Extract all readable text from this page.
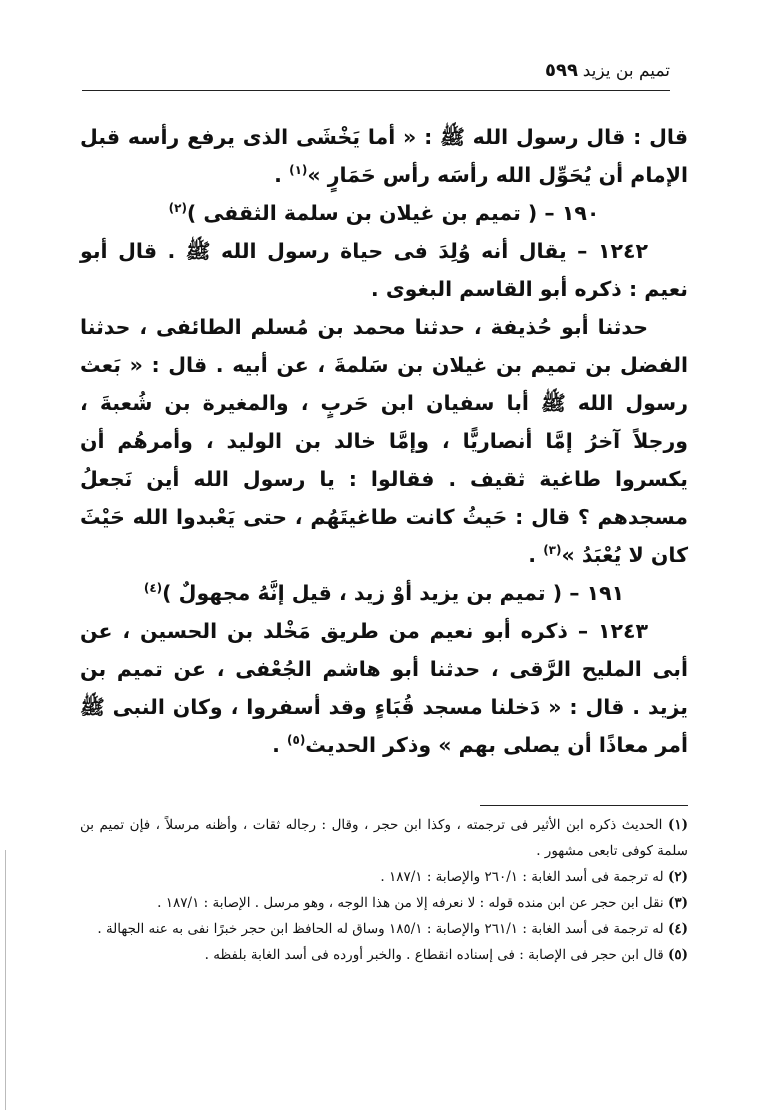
٥٩٩ تميم بن يزيد

قال : قال رسول الله ﷺ : « أما يَخْشَى الذى يرفع رأسه قبل الإمام أن يُحَوِّل الله رأسَه رأس حَمَارٍ »$^{(١)}$ .

١٩٠ – ( تميم بن غيلان بن سلمة الثقفى )$^{(٢)}$

١٢٤٢ – يقال أنه وُلِدَ فى حياة رسول الله ﷺ . قال أبو نعيم : ذكره أبو القاسم البغوى .

حدثنا أبو حُذيفة ، حدثنا محمد بن مُسلم الطائفى ، حدثنا الفضل بن تميم بن غيلان بن سَلمةَ ، عن أبيه . قال : « بَعث رسول الله ﷺ أبا سفيان ابن حَربٍ ، والمغيرة بن شُعبةَ ، ورجلاً آخرُ إمَّا أنصاريًّا ، وإمَّا خالد بن الوليد ، وأمرهُم أن يكسروا طاغية ثقيف . فقالوا : يا رسول الله أين نَجعلُ مسجدهم ؟ قال : حَيثُ كانت طاغيتَهُم ، حتى يَعْبدوا الله حَيْثَ كان لا يُعْبَدُ »$^{(٣)}$ .

١٩١ – ( تميم بن يزيد أوْ زيد ، قيل إنَّهُ مجهولٌ )$^{(٤)}$

١٢٤٣ – ذكره أبو نعيم من طريق مَخْلد بن الحسين ، عن أبى المليح الرَّقى ، حدثنا أبو هاشم الجُعْفى ، عن تميم بن يزيد . قال : « دَخلنا مسجد قُبَاءٍ وقد أسفروا ، وكان النبى ﷺ أمر معاذًا أن يصلى بهم » وذكر الحديث$^{(٥)}$ .

(١) الحديث ذكره ابن الأثير فى ترجمته ، وكذا ابن حجر ، وقال : رجاله ثقات ، وأظنه مرسلاً ، فإن تميم بن سلمة كوفى تابعى مشهور .

(٢) له ترجمة فى أسد الغابة : ٢٦٠/١ والإصابة : ١٨٧/١ .

(٣) نقل ابن حجر عن ابن منده قوله : لا نعرفه إلا من هذا الوجه ، وهو مرسل . الإصابة : ١٨٧/١ .

(٤) له ترجمة فى أسد الغابة : ٢٦١/١ والإصابة : ١٨٥/١ وساق له الحافظ ابن حجر خبرًا نفى به عنه الجهالة .

(٥) قال ابن حجر فى الإصابة : فى إسناده انقطاع . والخبر أورده فى أسد الغابة بلفظه .
